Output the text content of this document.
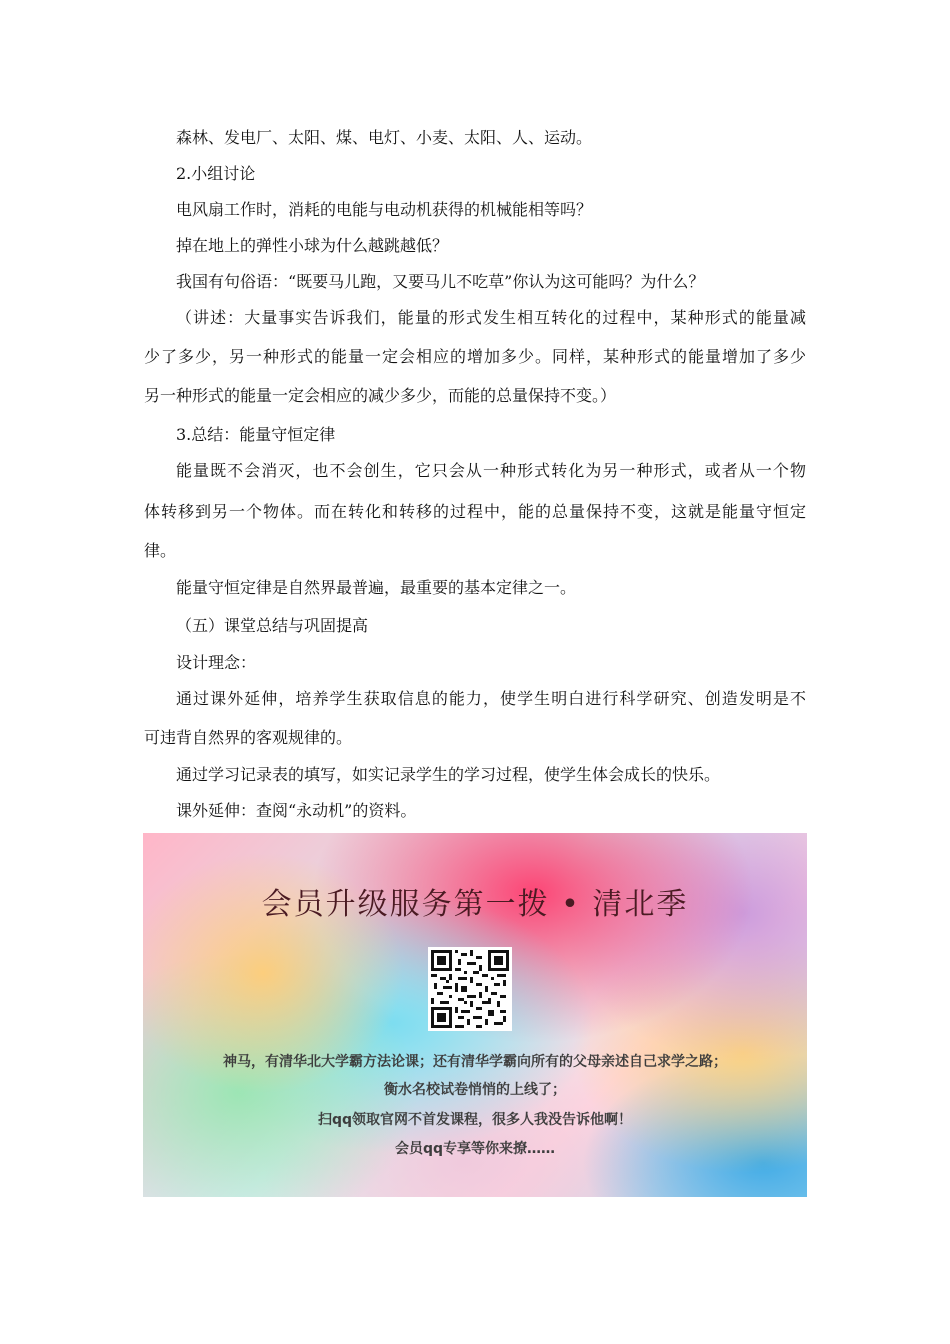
森林、发电厂、太阳、煤、电灯、小麦、太阳、人、运动。
2.小组讨论
电风扇工作时，消耗的电能与电动机获得的机械能相等吗？
掉在地上的弹性小球为什么越跳越低？
我国有句俗语：“既要马儿跑，又要马儿不吃草”你认为这可能吗？为什么？
（讲述：大量事实告诉我们，能量的形式发生相互转化的过程中，某种形式的能量减
少了多少，另一种形式的能量一定会相应的增加多少。同样，某种形式的能量增加了多少
另一种形式的能量一定会相应的减少多少，而能的总量保持不变。）
3.总结：能量守恒定律
能量既不会消灭，也不会创生，它只会从一种形式转化为另一种形式，或者从一个物
体转移到另一个物体。而在转化和转移的过程中，能的总量保持不变，这就是能量守恒定
律。
能量守恒定律是自然界最普遍，最重要的基本定律之一。
（五）课堂总结与巩固提高
设计理念：
通过课外延伸，培养学生获取信息的能力，使学生明白进行科学研究、创造发明是不
可违背自然界的客观规律的。
通过学习记录表的填写，如实记录学生的学习过程，使学生体会成长的快乐。
课外延伸：查阅“永动机”的资料。
会员升级服务第一拨 • 清北季
神马，有清华北大学霸方法论课；还有清华学霸向所有的父母亲述自己求学之路；
衡水名校试卷悄悄的上线了；
扫qq领取官网不首发课程，很多人我没告诉他啊！
会员qq专享等你来撩……
